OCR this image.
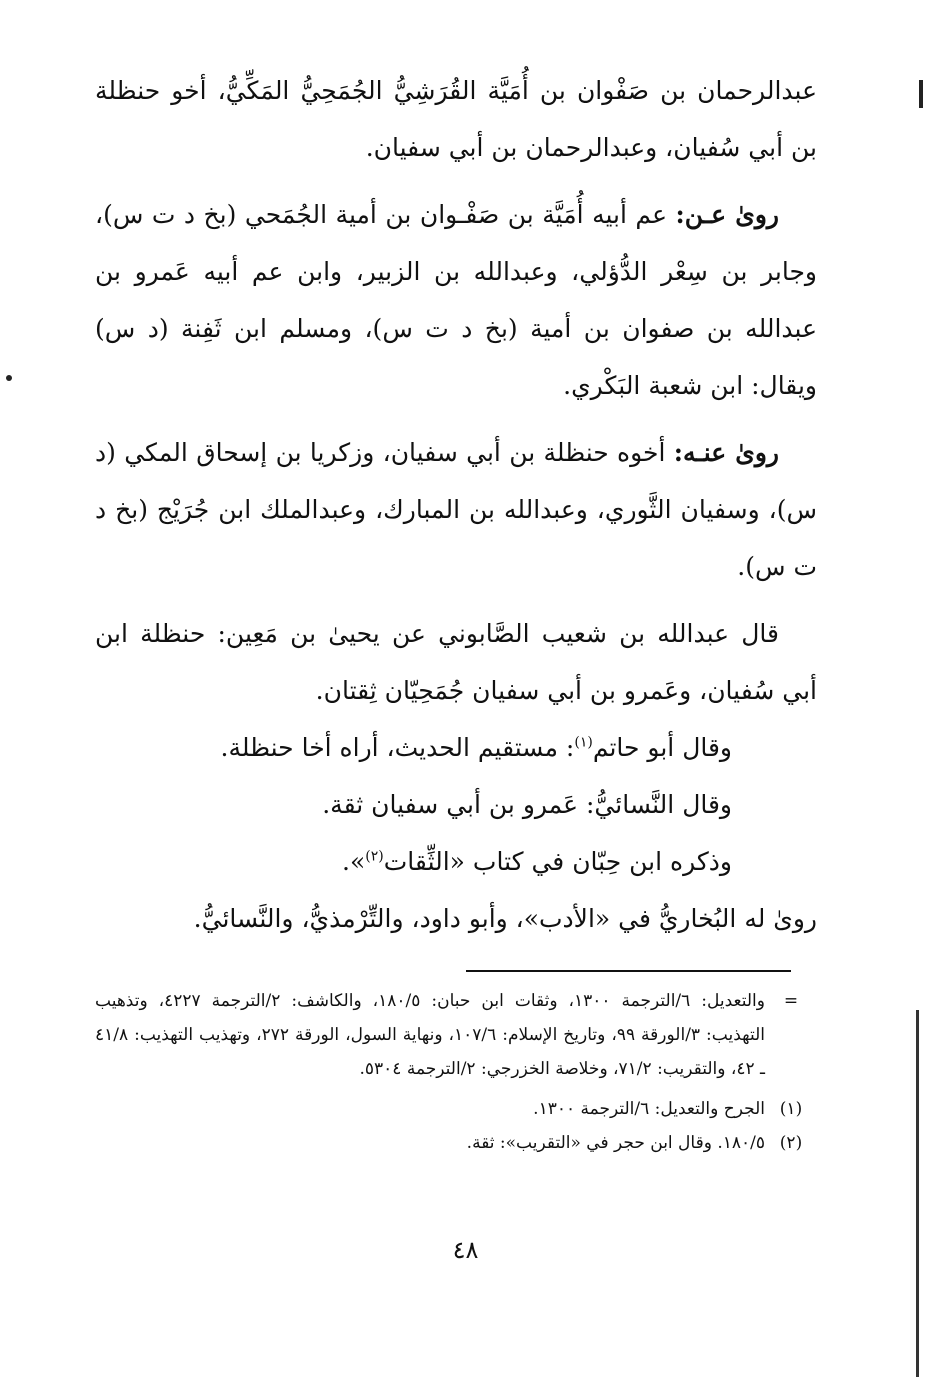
عبدالرحمان بن صَفْوان بن أُمَيَّة القُرَشِيُّ الجُمَحِيُّ المَكِّيُّ، أخو حنظلة بن أبي سُفيان، وعبدالرحمان بن أبي سفيان.

روىٰ عـن: عم أبيه أُمَيَّة بن صَفْـوان بن أمية الجُمَحي (بخ د ت س)، وجابر بن سِعْر الدُّؤلي، وعبدالله بن الزبير، وابن عم أبيه عَمرو بن عبدالله بن صفوان بن أمية (بخ د ت س)، ومسلم ابن ثَفِنة (د س) ويقال: ابن شعبة البَكْري.

روىٰ عنـه: أخوه حنظلة بن أبي سفيان، وزكريا بن إسحاق المكي (د س)، وسفيان الثَّوري، وعبدالله بن المبارك، وعبدالملك ابن جُرَيْج (بخ د ت س).

قال عبدالله بن شعيب الصَّابوني عن يحيىٰ بن مَعِين: حنظلة ابن أبي سُفيان، وعَمرو بن أبي سفيان جُمَحِيّان ثِقتان.

وقال أبو حاتم$^{(١)}$: مستقيم الحديث، أراه أخا حنظلة.

وقال النَّسائيُّ: عَمرو بن أبي سفيان ثقة.

وذكره ابن حِبّان في كتاب «الثِّقات$^{(٢)}$».

روىٰ له البُخاريُّ في «الأدب»، وأبو داود، والتِّرْمذيُّ، والنَّسائيُّ.

=
والتعديل: ٦/الترجمة ١٣٠٠، وثقات ابن حبان: ١٨٠/٥، والكاشف: ٢/الترجمة ٤٢٢٧، وتذهيب التهذيب: ٣/الورقة ٩٩، وتاريخ الإسلام: ١٠٧/٦، ونهاية السول، الورقة ٢٧٢، وتهذيب التهذيب: ٤١/٨ ـ ٤٢، والتقريب: ٧١/٢، وخلاصة الخزرجي: ٢/الترجمة ٥٣٠٤.
(١)
الجرح والتعديل: ٦/الترجمة ١٣٠٠.
(٢)
١٨٠/٥. وقال ابن حجر في «التقريب»: ثقة.
٤٨
